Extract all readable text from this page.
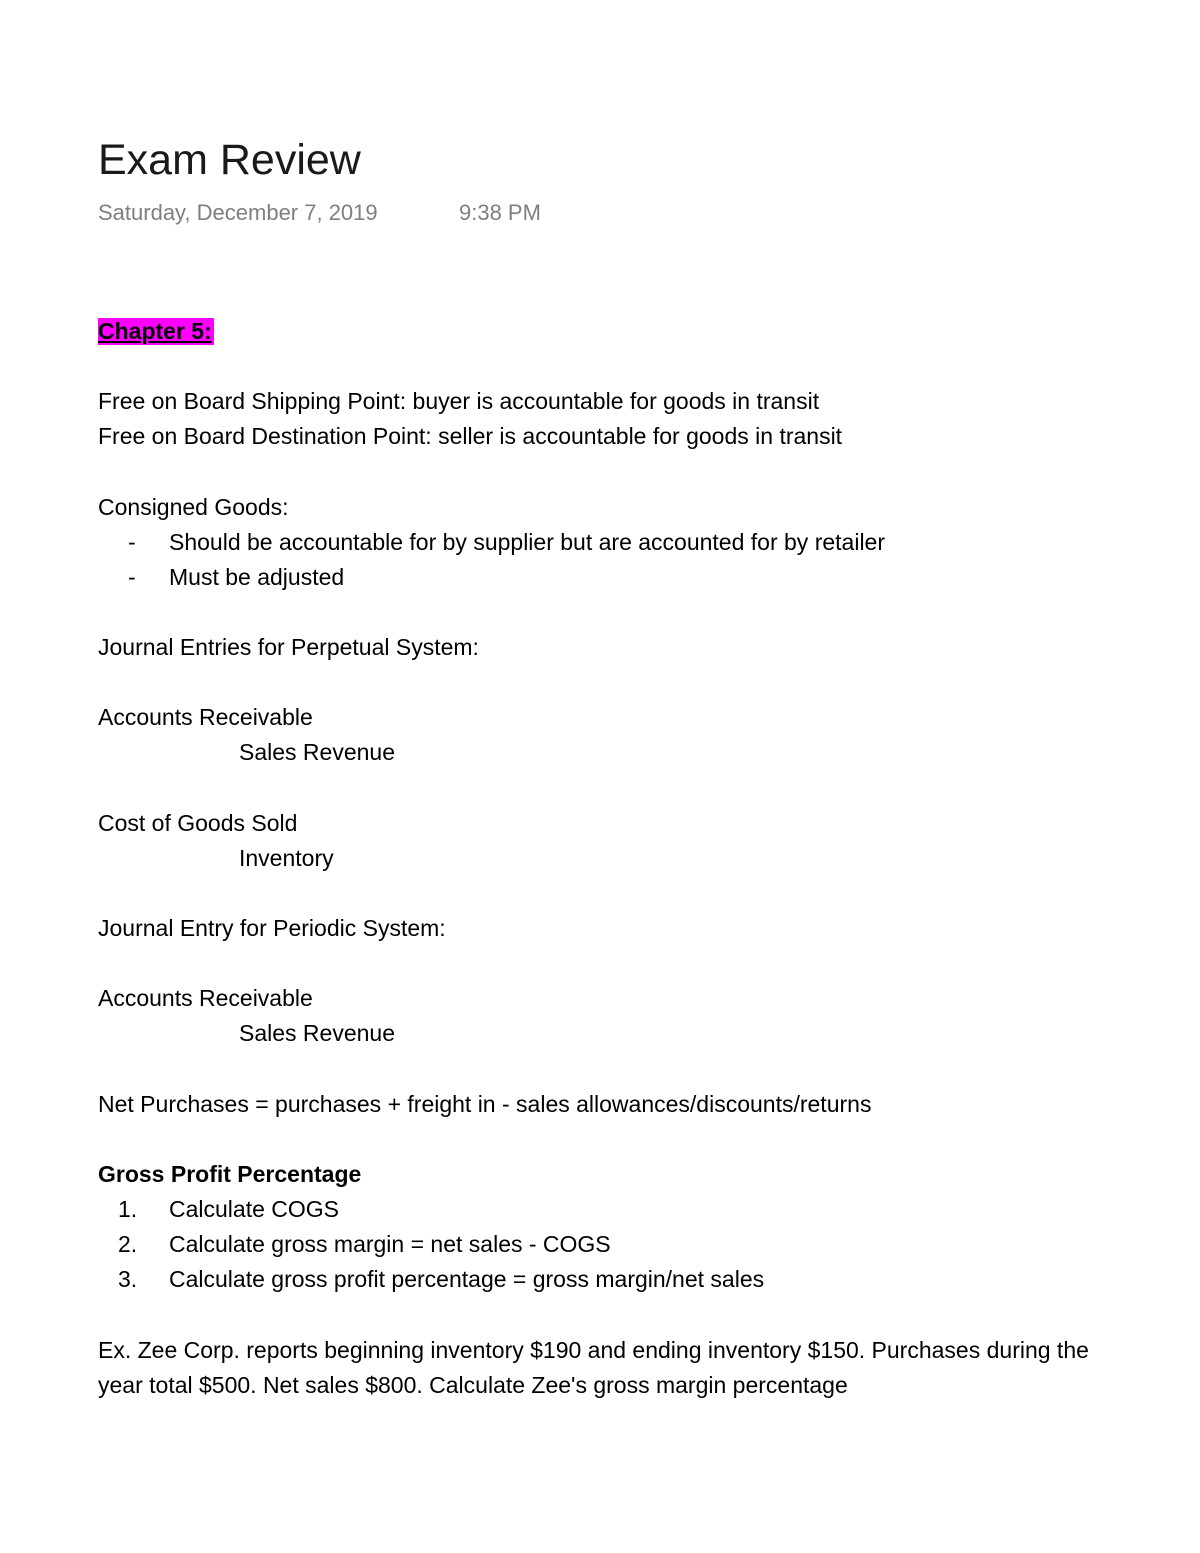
Exam Review
Saturday, December 7, 2019	9:38 PM
Chapter 5:
Free on Board Shipping Point: buyer is accountable for goods in transit
Free on Board Destination Point: seller is accountable for goods in transit
Consigned Goods:
- Should be accountable for by supplier but are accounted for by retailer
- Must be adjusted
Journal Entries for Perpetual System:
Accounts Receivable
Sales Revenue
Cost of Goods Sold
Inventory
Journal Entry for Periodic System:
Accounts Receivable
Sales Revenue
Net Purchases = purchases + freight in - sales allowances/discounts/returns
Gross Profit Percentage
1. Calculate COGS
2. Calculate gross margin = net sales - COGS
3. Calculate gross profit percentage = gross margin/net sales
Ex. Zee Corp. reports beginning inventory $190 and ending inventory $150. Purchases during the
year total $500. Net sales $800. Calculate Zee's gross margin percentage
